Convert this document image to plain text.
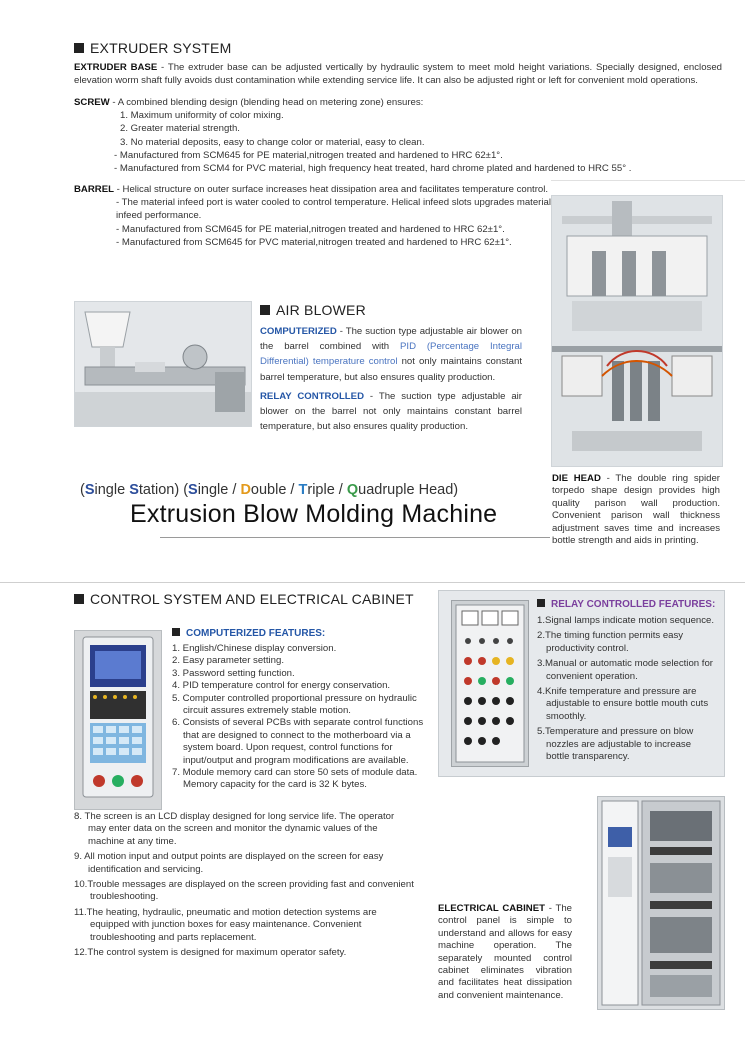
EXTRUDER SYSTEM
EXTRUDER BASE - The extruder base can be adjusted vertically by hydraulic system to meet mold height variations. Specially designed, enclosed elevation worm shaft fully avoids dust contamination while extending service life. It can also be adjusted right or left for convenient mold operations.
SCREW - A combined blending design (blending head on metering zone) ensures:
1. Maximum uniformity of color mixing.
2. Greater material strength.
3. No material deposits, easy to change color or material, easy to clean.
- Manufactured from SCM645 for PE material,nitrogen treated and hardened to HRC 62±1°.
- Manufactured from SCM4 for PVC material, high frequency heat treated, hard chrome plated and hardened to HRC 55° .
BARREL - Helical structure on outer surface increases heat dissipation area and facilitates temperature control.
- The material infeed port is water cooled to control temperature. Helical infeed slots upgrades material infeed performance.
- Manufactured from SCM645 for PE material,nitrogen treated and hardened to HRC 62±1°.
- Manufactured from SCM645 for PVC material,nitrogen treated and hardened to HRC 62±1°.
AIR BLOWER
COMPUTERIZED - The suction type adjustable air blower on the barrel combined with PID (Percentage Integral Differential) temperature control not only maintains constant barrel temperature, but also ensures quality production.
RELAY CONTROLLED - The suction type adjustable air blower on the barrel not only maintains constant barrel temperature, but also ensures quality production.
DIE HEAD - The double ring spider torpedo shape design provides high quality parison wall production. Convenient parison wall thickness adjustment saves time and increases bottle strength and aids in printing.
(Single Station) (Single / Double / Triple / Quadruple Head)
Extrusion Blow Molding Machine
CONTROL SYSTEM AND ELECTRICAL CABINET
COMPUTERIZED FEATURES:
1. English/Chinese display conversion.
2. Easy parameter setting.
3. Password setting function.
4. PID temperature control for energy conservation.
5. Computer controlled proportional pressure on hydraulic circuit assures extremely stable motion.
6. Consists of several PCBs with separate control functions that are designed to connect to the motherboard via a system board. Upon request, control functions for input/output and program modifications are available.
7. Module memory card can store 50 sets of module data. Memory capacity for the card is 32 K bytes.
8. The screen is an LCD display designed for long service life. The operator may enter data on the screen and monitor the dynamic values of the machine at any time.
9. All motion input and output points are displayed on the screen for easy identification and servicing.
10.Trouble messages are displayed on the screen providing fast and convenient troubleshooting.
11.The heating, hydraulic, pneumatic and motion detection systems are equipped with junction boxes for easy maintenance. Convenient troubleshooting and parts replacement.
12.The control system is designed for maximum operator safety.
RELAY CONTROLLED FEATURES:
1.Signal lamps indicate motion sequence.
2.The timing function permits easy productivity control.
3.Manual or automatic mode selection for convenient operation.
4.Knife temperature and pressure are adjustable to ensure bottle mouth cuts smoothly.
5.Temperature and pressure on blow nozzles are adjustable to increase bottle transparency.
ELECTRICAL CABINET - The control panel is simple to understand and allows for easy machine operation. The separately mounted control cabinet eliminates vibration and facilitates heat dissipation and convenient maintenance.
